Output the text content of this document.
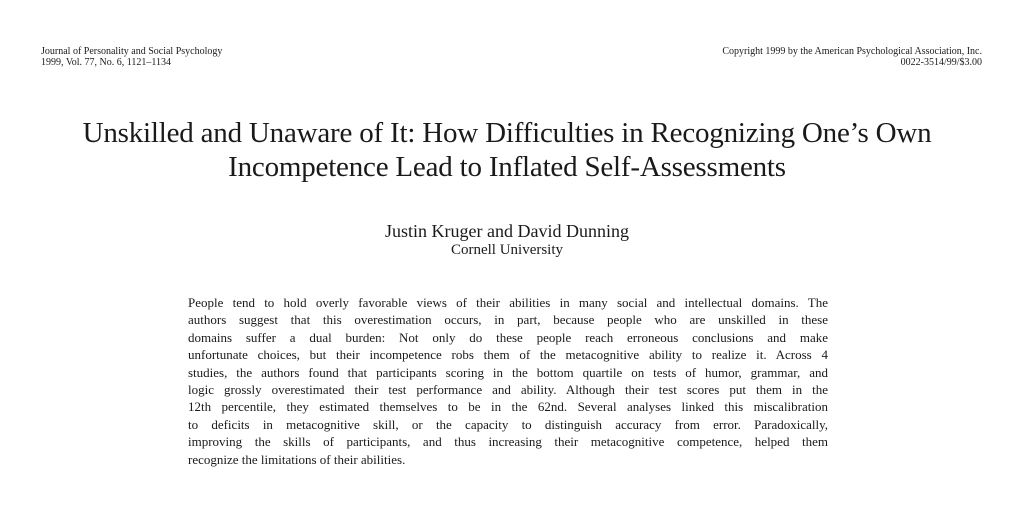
Journal of Personality and Social Psychology
1999, Vol. 77, No. 6, 1121–1134
Copyright 1999 by the American Psychological Association, Inc.
0022-3514/99/$3.00
Unskilled and Unaware of It: How Difficulties in Recognizing One’s Own
Incompetence Lead to Inflated Self-Assessments
Justin Kruger and David Dunning
Cornell University
People tend to hold overly favorable views of their abilities in many social and intellectual domains. The
authors suggest that this overestimation occurs, in part, because people who are unskilled in these
domains suffer a dual burden: Not only do these people reach erroneous conclusions and make
unfortunate choices, but their incompetence robs them of the metacognitive ability to realize it. Across 4
studies, the authors found that participants scoring in the bottom quartile on tests of humor, grammar, and
logic grossly overestimated their test performance and ability. Although their test scores put them in the
12th percentile, they estimated themselves to be in the 62nd. Several analyses linked this miscalibration
to deficits in metacognitive skill, or the capacity to distinguish accuracy from error. Paradoxically,
improving the skills of participants, and thus increasing their metacognitive competence, helped them
recognize the limitations of their abilities.
